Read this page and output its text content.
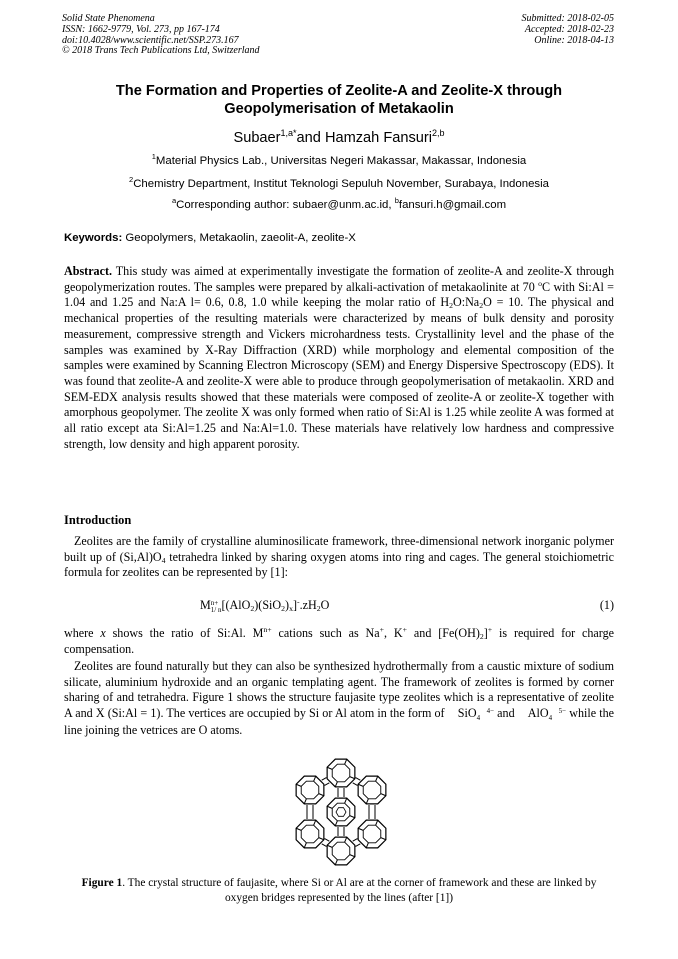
Solid State Phenomena
ISSN: 1662-9779, Vol. 273, pp 167-174
doi:10.4028/www.scientific.net/SSP.273.167
© 2018 Trans Tech Publications Ltd, Switzerland
Submitted: 2018-02-05
Accepted: 2018-02-23
Online: 2018-04-13
The Formation and Properties of Zeolite-A and Zeolite-X through
Geopolymerisation of Metakaolin
Subaer$^{1,a*}$and Hamzah Fansuri$^{2,b}$
$^1$Material Physics Lab., Universitas Negeri Makassar, Makassar, Indonesia
$^2$Chemistry Department, Institut Teknologi Sepuluh November, Surabaya, Indonesia
$^a$Corresponding author: subaer@unm.ac.id, $^b$fansuri.h@gmail.com
Keywords: Geopolymers, Metakaolin, zaeolit-A, zeolite-X
Abstract. This study was aimed at experimentally investigate the formation of zeolite-A and zeolite-X through geopolymerization routes. The samples were prepared by alkali-activation of metakaolinite at 70 $^o$C with Si:Al = 1.04 and 1.25 and Na:A l= 0.6, 0.8, 1.0 while keeping the molar ratio of $H_2O:Na_2O = 10$. The physical and mechanical properties of the resulting materials were characterized by means of bulk density and porosity measurement, compressive strength and Vickers microhardness tests. Crystallinity level and the phase of the samples was examined by X-Ray Diffraction (XRD) while morphology and elemental composition of the samples were examined by Scanning Electron Microscopy (SEM) and Energy Dispersive Spectroscopy (EDS). It was found that zeolite-A and zeolite-X were able to produce through geopolymerisation of metakaolin. XRD and SEM-EDX analysis results showed that these materials were composed of zeolite-A or zeolite-X together with amorphous geopolymer. The zeolite X was only formed when ratio of Si:Al is 1.25 while zeolite A was formed at all ratio except ata Si:Al=1.25 and Na:Al=1.0. These materials have relatively low hardness and compressive strength, low density and high apparent porosity.
Introduction
Zeolites are the family of crystalline aluminosilicate framework, three-dimensional network inorganic polymer built up of $(Si,Al)O_4$ tetrahedra linked by sharing oxygen atoms into ring and cages. The general stoichiometric formula for zeolites can be represented by [1]:
Mn+
1/ $n[(AlO_2)(SiO_2)_x]^-.zH_2O$	(1)
where x shows the ratio of Si:Al. $M^{n+}$ cations such as Na+, K+ and $[Fe(OH)_2]^+$ is required for charge compensation.
Zeolites are found naturally but they can also be synthesized hydrothermally from a caustic mixture of sodium silicate, aluminium hydroxide and an organic templating agent. The framework of zeolites is formed by corner sharing of and tetrahedra. Figure 1 shows the structure faujasite type zeolites which is a representative of zeolite A and X (Si:Al = 1). The vertices are occupied by Si or Al atom in the form of SiO 4−
4 and AlO 5−
4 while the line joining the vetrices are O atoms.
Figure 1. The crystal structure of faujasite, where Si or Al are at the corner of framework and these are linked by oxygen bridges represented by the lines (after [1])
